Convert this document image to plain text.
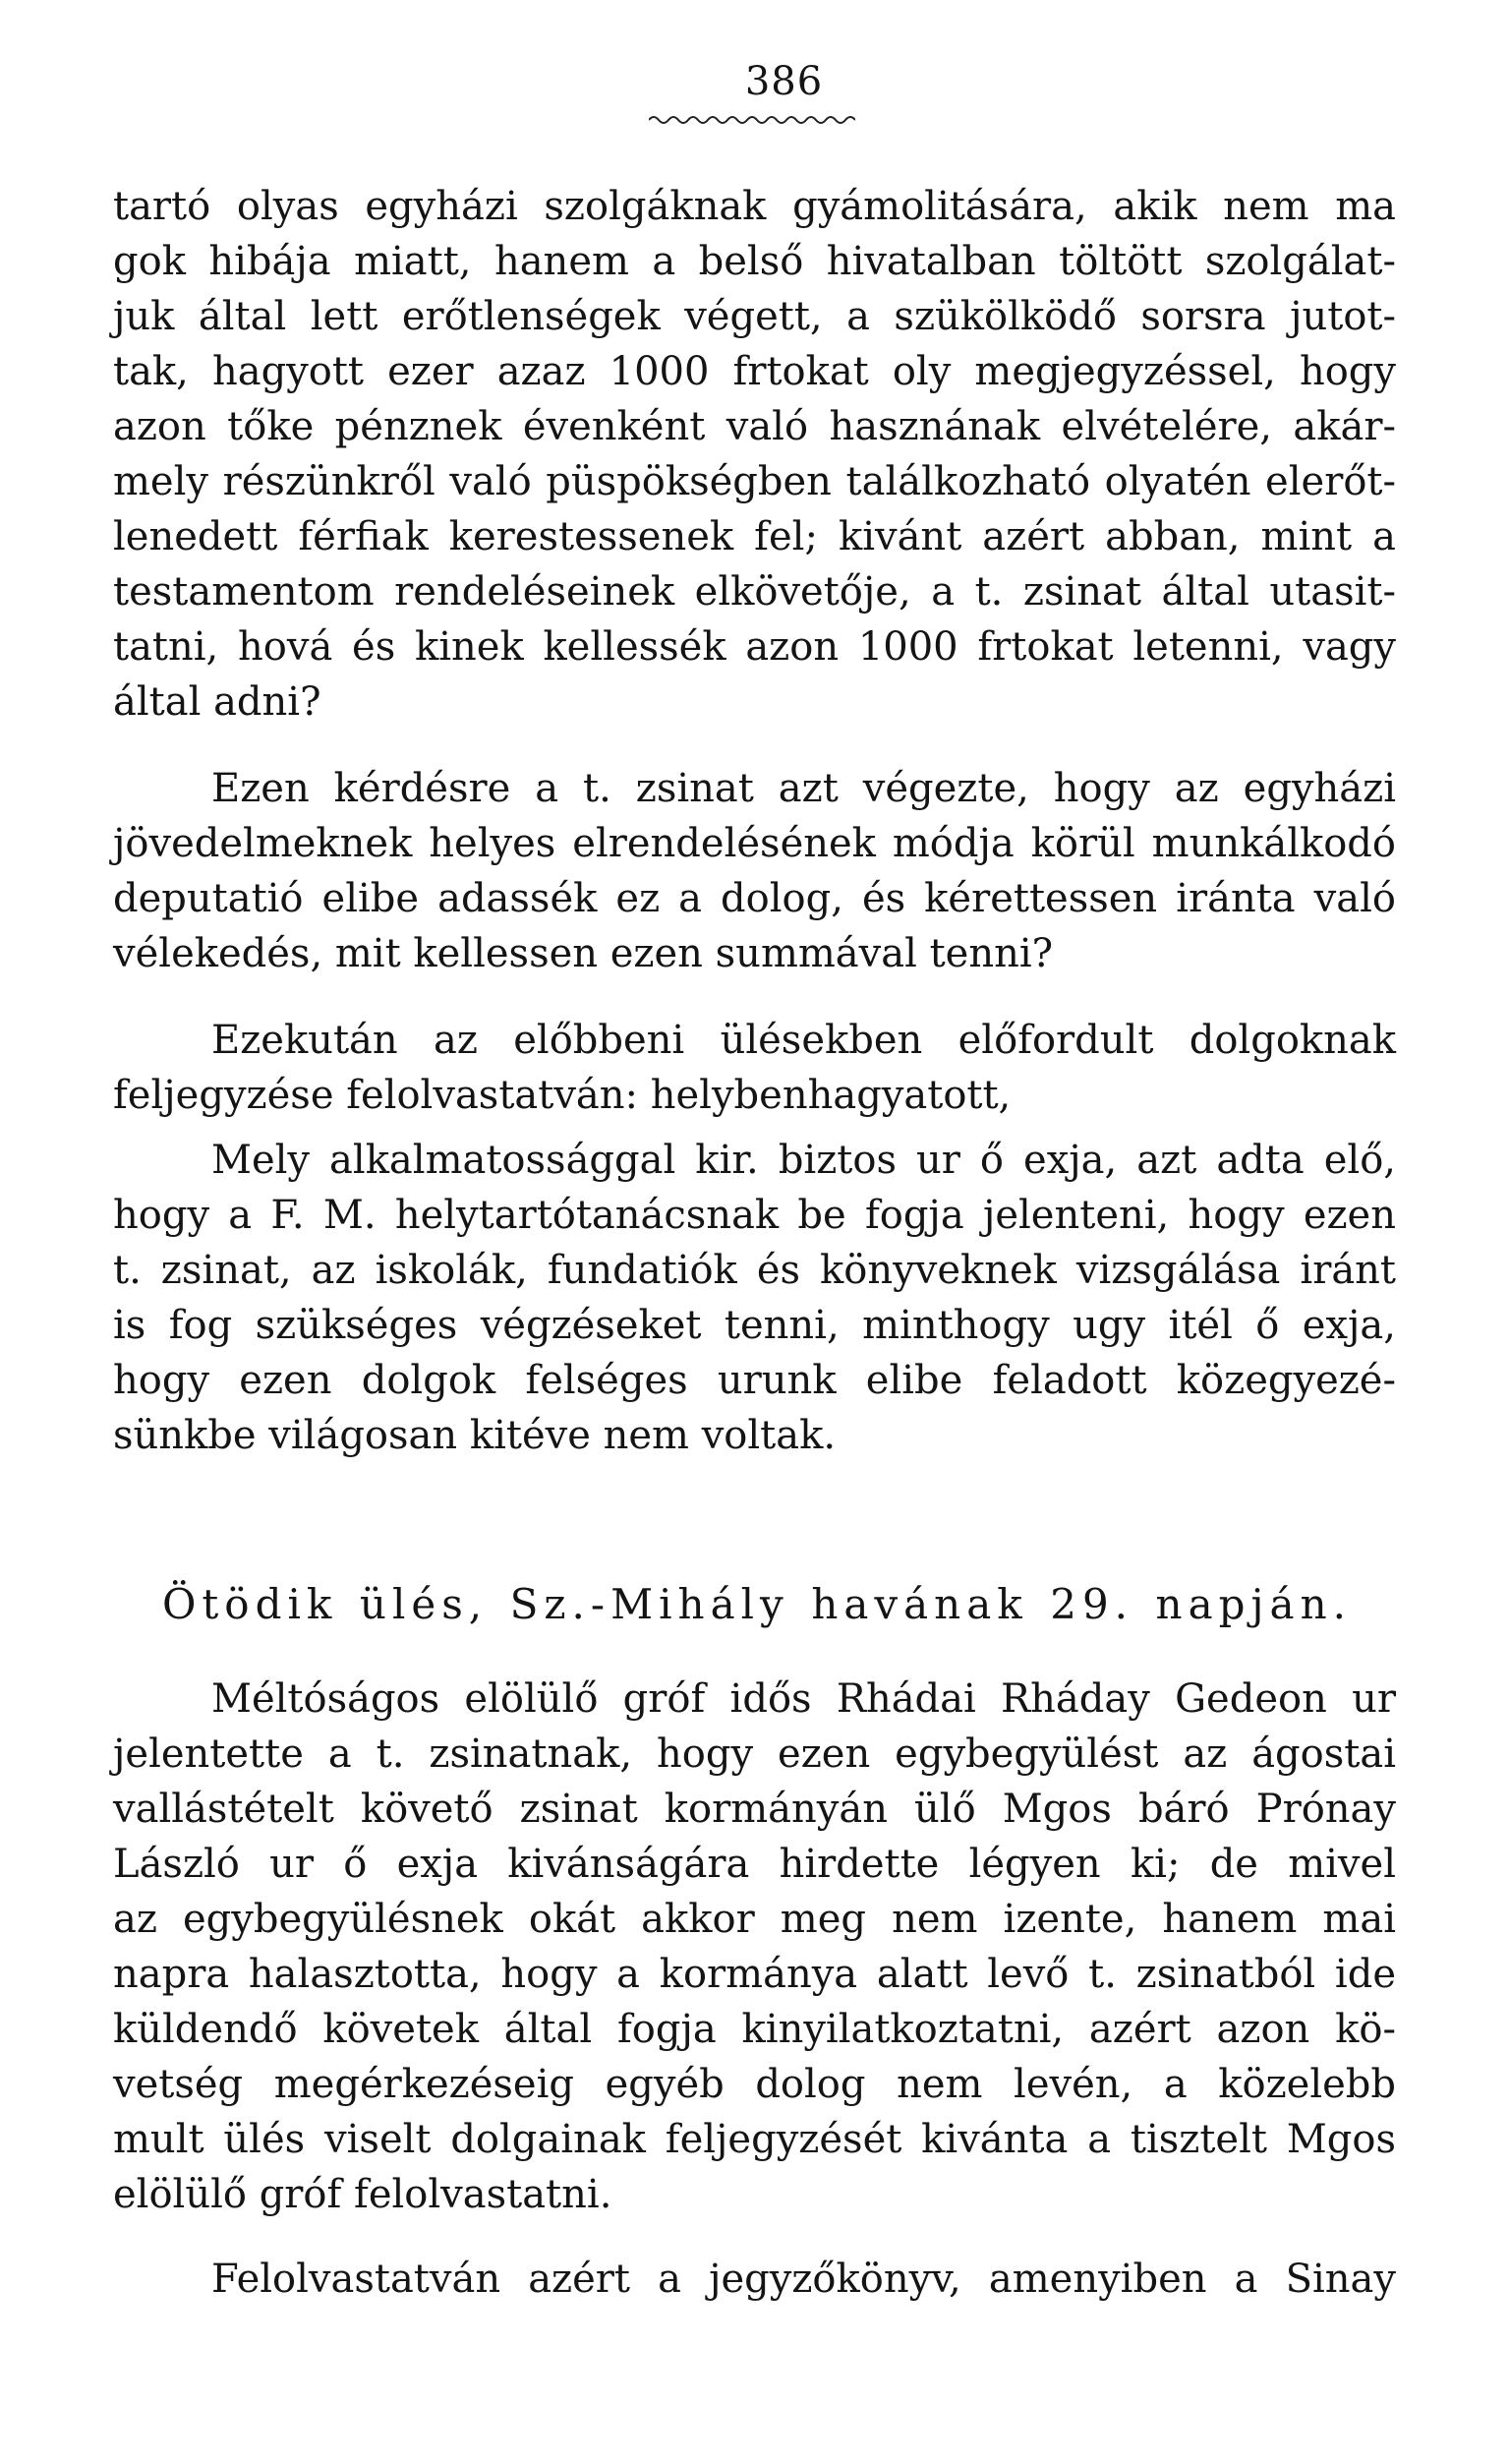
386
tartó olyas egyházi szolgáknak gyámolitására, akik nem ma
gok hibája miatt, hanem a belső hivatalban töltött szolgálat-
juk által lett erőtlenségek végett, a szükölködő sorsra jutot-
tak, hagyott ezer azaz 1000 frtokat oly megjegyzéssel, hogy
azon tőke pénznek évenként való hasznának elvételére, akár-
mely részünkről való püspökségben találkozható olyatén elerőt-
lenedett férfiak kerestessenek fel; kivánt azért abban, mint a
testamentom rendeléseinek elkövetője, a t. zsinat által utasit-
tatni, hová és kinek kellessék azon 1000 frtokat letenni, vagy
által adni?
Ezen kérdésre a t. zsinat azt végezte, hogy az egyházi
jövedelmeknek helyes elrendelésének módja körül munkálkodó
deputatió elibe adassék ez a dolog, és kérettessen iránta való
vélekedés, mit kellessen ezen summával tenni?
Ezekután az előbbeni ülésekben előfordult dolgoknak
feljegyzése felolvastatván: helybenhagyatott,
Mely alkalmatossággal kir. biztos ur ő exja, azt adta elő,
hogy a F. M. helytartótanácsnak be fogja jelenteni, hogy ezen
t. zsinat, az iskolák, fundatiók és könyveknek vizsgálása iránt
is fog szükséges végzéseket tenni, minthogy ugy itél ő exja,
hogy ezen dolgok felséges urunk elibe feladott közegyezé-
sünkbe világosan kitéve nem voltak.
Ötödik ülés, Sz.-Mihály havának 29. napján.
Méltóságos elölülő gróf idős Rhádai Rháday Gedeon ur
jelentette a t. zsinatnak, hogy ezen egybegyülést az ágostai
vallástételt követő zsinat kormányán ülő Mgos báró Prónay
László ur ő exja kivánságára hirdette légyen ki; de mivel
az egybegyülésnek okát akkor meg nem izente, hanem mai
napra halasztotta, hogy a kormánya alatt levő t. zsinatból ide
küldendő követek által fogja kinyilatkoztatni, azért azon kö-
vetség megérkezéseig egyéb dolog nem levén, a közelebb
mult ülés viselt dolgainak feljegyzését kivánta a tisztelt Mgos
elölülő gróf felolvastatni.
Felolvastatván azért a jegyzőkönyv, amenyiben a Sinay
